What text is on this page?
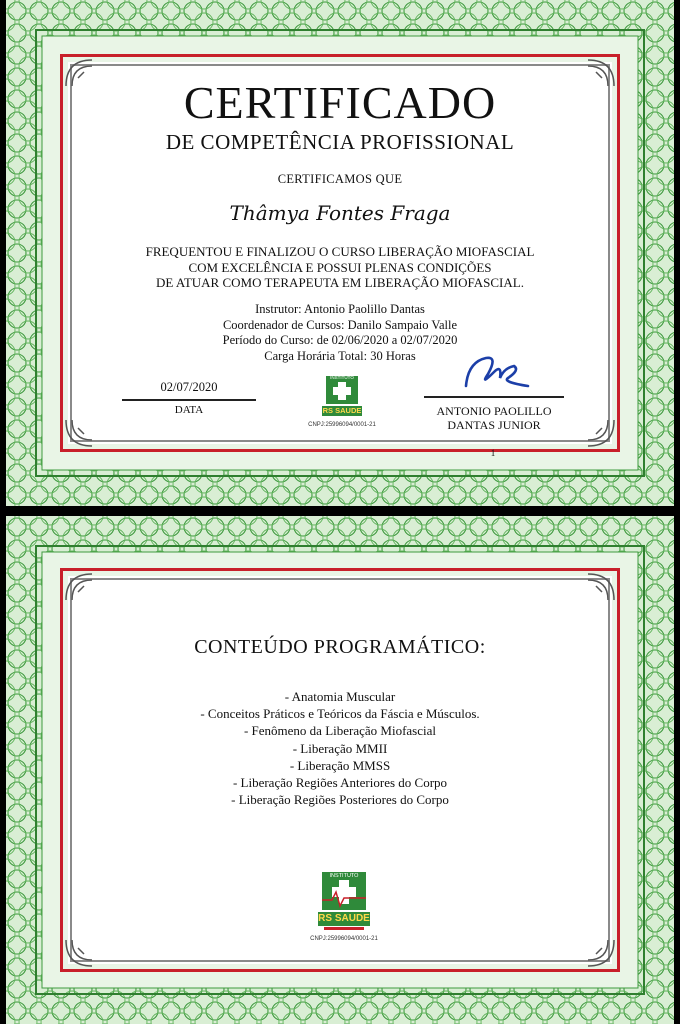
CERTIFICADO
DE COMPETÊNCIA PROFISSIONAL
CERTIFICAMOS QUE
Thâmya Fontes Fraga
FREQUENTOU E FINALIZOU O CURSO LIBERAÇÃO MIOFASCIAL
COM EXCELÊNCIA E POSSUI PLENAS CONDIÇÕES
DE ATUAR COMO TERAPEUTA EM LIBERAÇÃO MIOFASCIAL.
Instrutor: Antonio Paolillo Dantas
Coordenador de Cursos: Danilo Sampaio Valle
Período do Curso: de 02/06/2020 a 02/07/2020
Carga Horária Total: 30 Horas
02/07/2020
DATA
INSTITUTO
RS SAUDE
CNPJ:25996094/0001-21
ANTONIO PAOLILLO
DANTAS JUNIOR
1
CONTEÚDO PROGRAMÁTICO:
- Anatomia Muscular
- Conceitos Práticos e Teóricos da Fáscia e Músculos.
- Fenômeno da Liberação Miofascial
- Liberação MMII
- Liberação MMSS
- Liberação Regiões Anteriores do Corpo
- Liberação Regiões Posteriores do Corpo
INSTITUTO
RS SAUDE
CNPJ:25996094/0001-21
